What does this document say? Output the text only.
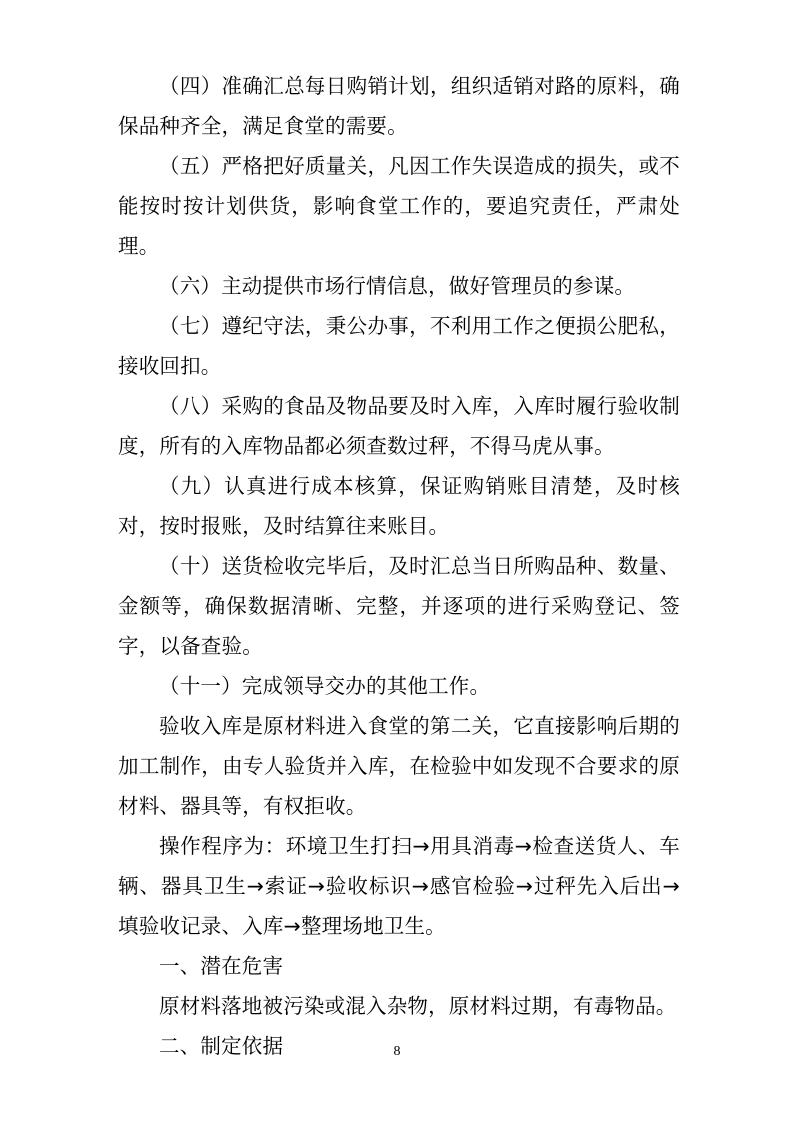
（四）准确汇总每日购销计划，组织适销对路的原料，确保品种齐全，满足食堂的需要。

（五）严格把好质量关，凡因工作失误造成的损失，或不能按时按计划供货，影响食堂工作的，要追究责任，严肃处理。

（六）主动提供市场行情信息，做好管理员的参谋。

（七）遵纪守法，秉公办事，不利用工作之便损公肥私，接收回扣。

（八）采购的食品及物品要及时入库，入库时履行验收制度，所有的入库物品都必须查数过秤，不得马虎从事。

（九）认真进行成本核算，保证购销账目清楚，及时核对，按时报账，及时结算往来账目。

（十）送货检收完毕后，及时汇总当日所购品种、数量、金额等，确保数据清晰、完整，并逐项的进行采购登记、签字，以备查验。

（十一）完成领导交办的其他工作。

验收入库是原材料进入食堂的第二关，它直接影响后期的加工制作，由专人验货并入库，在检验中如发现不合要求的原材料、器具等，有权拒收。

操作程序为：环境卫生打扫→用具消毒→检查送货人、车辆、器具卫生→索证→验收标识→感官检验→过秤先入后出→填验收记录、入库→整理场地卫生。

一、潜在危害

原材料落地被污染或混入杂物，原材料过期，有毒物品。

二、制定依据	8
